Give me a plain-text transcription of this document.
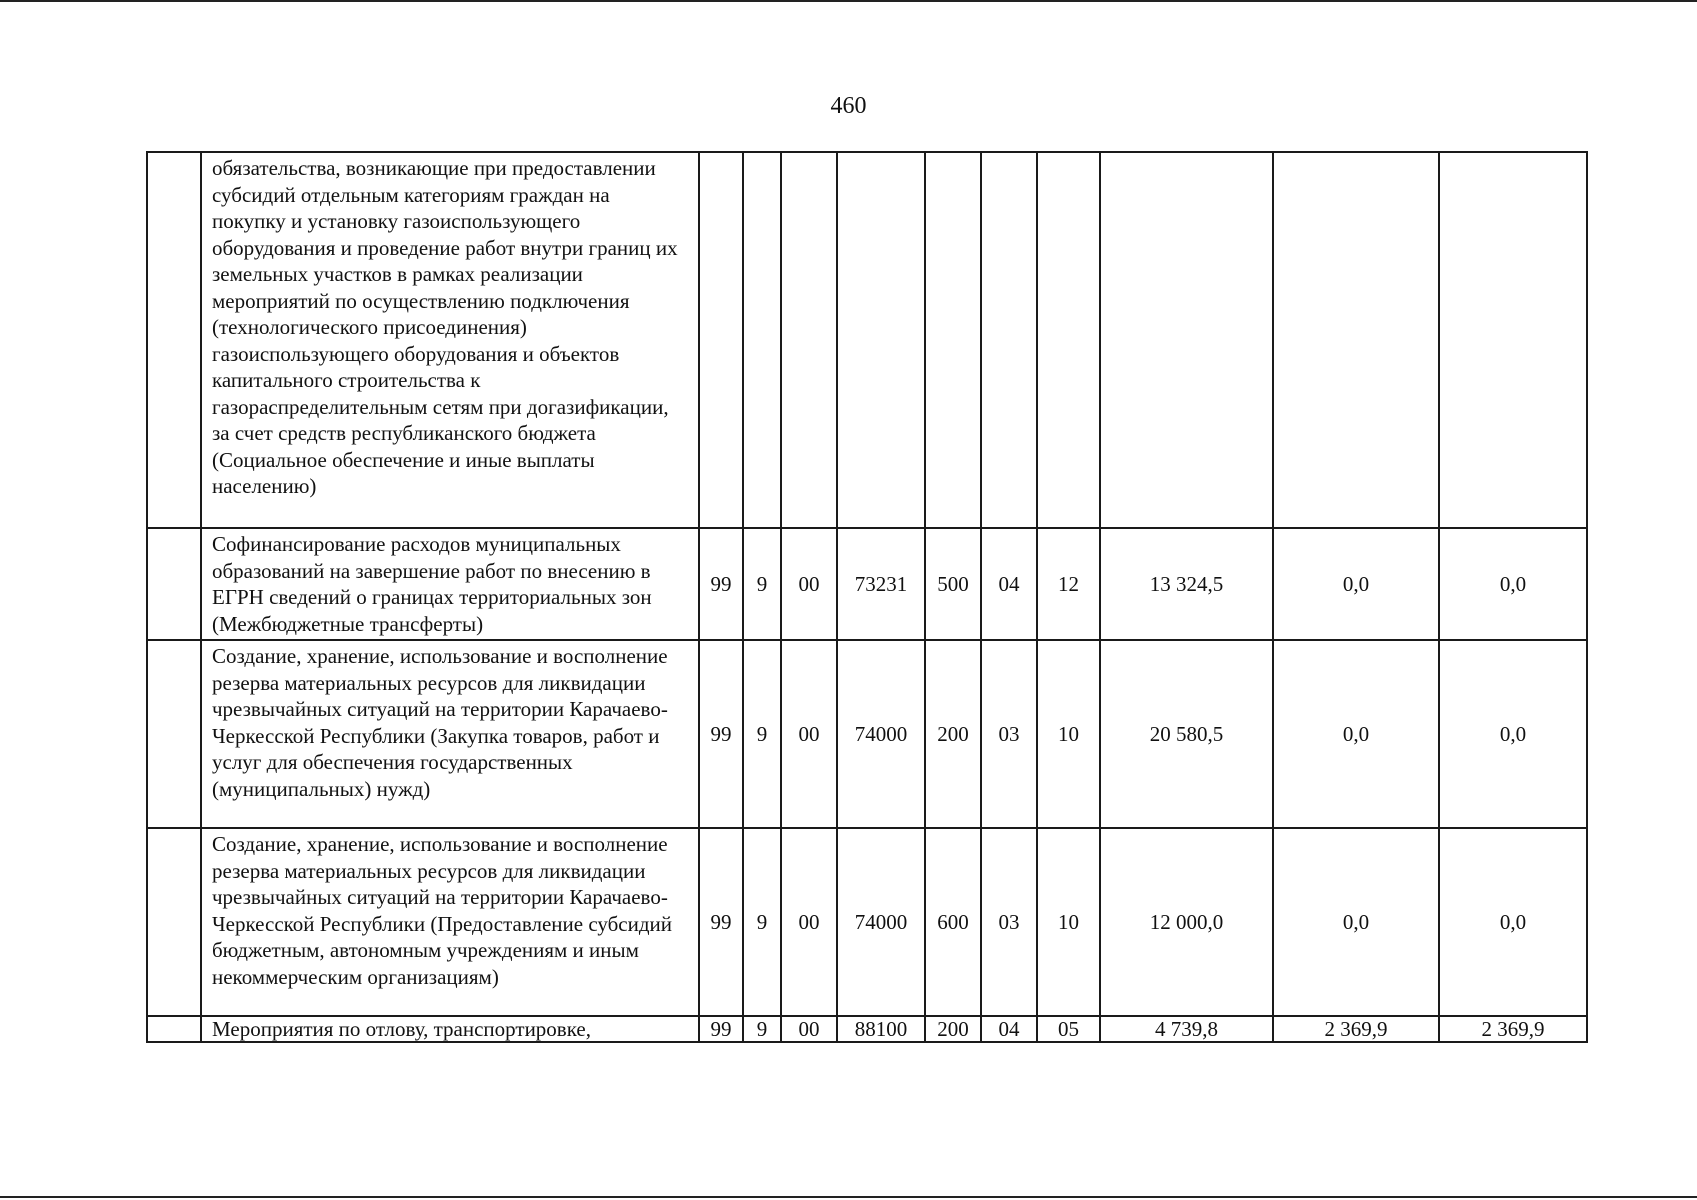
460
	обязательства, возникающие при предоставлении субсидий отдельным категориям граждан на покупку и установку газоиспользующего оборудования и проведение работ внутри границ их земельных участков в рамках реализации мероприятий по осуществлению подключения (технологического присоединения) газоиспользующего оборудования и объектов капитального строительства к газораспределительным сетям при догазификации, за счет средств республиканского бюджета (Социальное обеспечение и иные выплаты населению)										
	Софинансирование расходов муниципальных образований на завершение работ по внесению в ЕГРН сведений о границах территориальных зон (Межбюджетные трансферты)	99	9	00	73231	500	04	12	13 324,5	0,0	0,0
	Создание, хранение, использование и восполнение резерва материальных ресурсов для ликвидации чрезвычайных ситуаций на территории Карачаево-Черкесской Республики (Закупка товаров, работ и услуг для обеспечения государственных (муниципальных) нужд)	99	9	00	74000	200	03	10	20 580,5	0,0	0,0
	Создание, хранение, использование и восполнение резерва материальных ресурсов для ликвидации чрезвычайных ситуаций на территории Карачаево-Черкесской Республики (Предоставление субсидий бюджетным, автономным учреждениям и иным некоммерческим организациям)	99	9	00	74000	600	03	10	12 000,0	0,0	0,0
	Мероприятия по отлову, транспортировке,	99	9	00	88100	200	04	05	4 739,8	2 369,9	2 369,9
